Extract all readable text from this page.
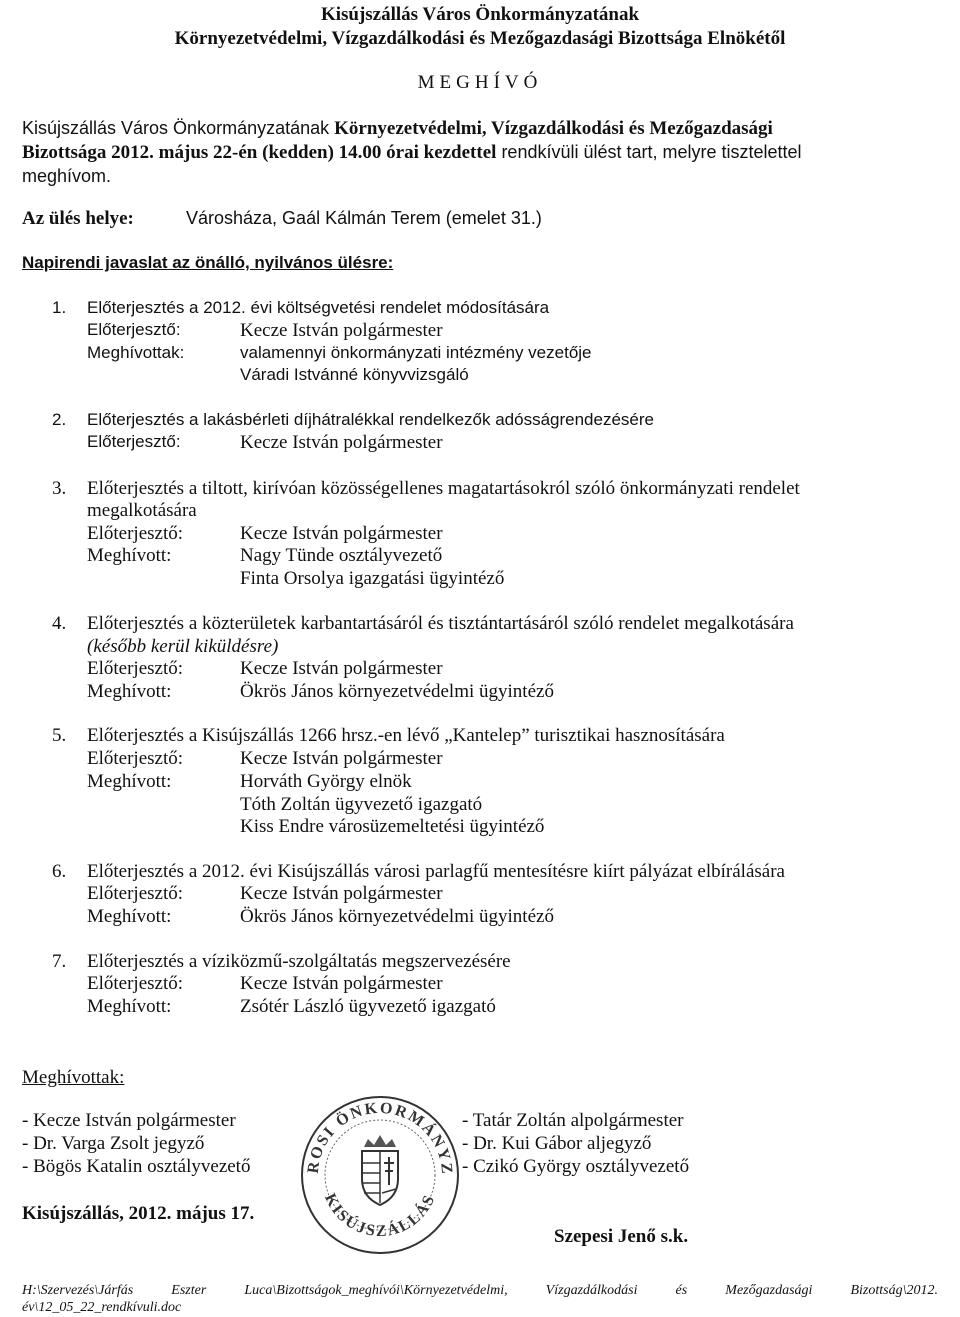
Kisújszállás Város Önkormányzatának
Környezetvédelmi, Vízgazdálkodási és Mezőgazdasági Bizottsága Elnökétől
MEGHÍVÓ
Kisújszállás Város Önkormányzatának Környezetvédelmi, Vízgazdálkodási és Mezőgazdasági
Bizottsága 2012. május 22-én (kedden) 14.00 órai kezdettel rendkívüli ülést tart, melyre tisztelettel
meghívom.
Az ülés helye:	Városháza, Gaál Kálmán Terem (emelet 31.)
Napirendi javaslat az önálló, nyilvános ülésre:
1. Előterjesztés a 2012. évi költségvetési rendelet módosítására
Előterjesztő:	Kecze István polgármester
Meghívottak:	valamennyi önkormányzati intézmény vezetője
Váradi Istvánné könyvvizsgáló
2. Előterjesztés a lakásbérleti díjhátralékkal rendelkezők adósságrendezésére
Előterjesztő:	Kecze István polgármester
3. Előterjesztés a tiltott, kirívóan közösségellenes magatartásokról szóló önkormányzati rendelet
megalkotására
Előterjesztő:	Kecze István polgármester
Meghívott:	Nagy Tünde osztályvezető
Finta Orsolya igazgatási ügyintéző
4. Előterjesztés a közterületek karbantartásáról és tisztántartásáról szóló rendelet megalkotására
(később kerül kiküldésre)
Előterjesztő:	Kecze István polgármester
Meghívott:	Ökrös János környezetvédelmi ügyintéző
5. Előterjesztés a Kisújszállás 1266 hrsz.-en lévő „Kantelep” turisztikai hasznosítására
Előterjesztő:	Kecze István polgármester
Meghívott:	Horváth György elnök
Tóth Zoltán ügyvezető igazgató
Kiss Endre városüzemeltetési ügyintéző
6. Előterjesztés a 2012. évi Kisújszállás városi parlagfű mentesítésre kiírt pályázat elbírálására
Előterjesztő:	Kecze István polgármester
Meghívott:	Ökrös János környezetvédelmi ügyintéző
7. Előterjesztés a víziközmű-szolgáltatás megszervezésére
Előterjesztő:	Kecze István polgármester
Meghívott:	Zsótér László ügyvezető igazgató
Meghívottak:
- Kecze István polgármester
- Dr. Varga Zsolt jegyző
- Bögös Katalin osztályvezető
- Tatár Zoltán alpolgármester
- Dr. Kui Gábor aljegyző
- Czikó György osztályvezető
ROSI ÖNKORMÁNYZ
KISÚJSZÁLLÁS
Kisújszállás, 2012. május 17.
Szepesi Jenő s.k.
H:\Szervezés\Járfás Eszter Luca\Bizottságok_meghívói\Környezetvédelmi, Vízgazdálkodási és Mezőgazdasági Bizottság\2012.
év\12_05_22_rendkívuli.doc
